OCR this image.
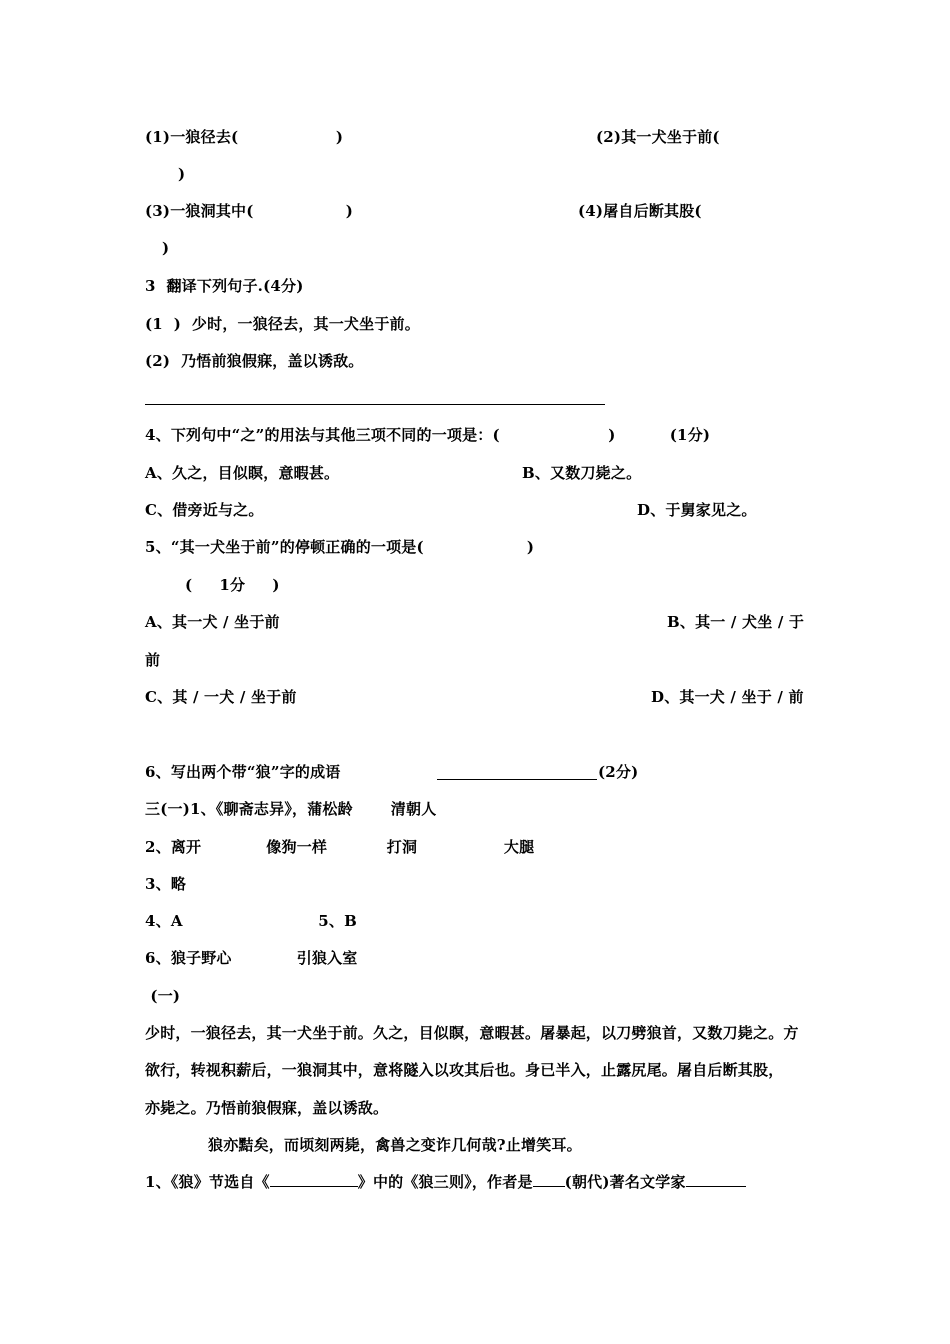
(1)一狼径去(                  )	(2)其一犬坐于前(
)
(3)一狼洞其中(                 )	(4)屠自后断其股(
)
3  翻译下列句子.(4分)
(1  )  少时，一狼径去，其一犬坐于前。
(2)  乃悟前狼假寐，盖以诱敌。
4、下列句中“之”的用法与其他三项不同的一项是：(                    )          (1分)
A、久之，目似瞑，意暇甚。	B、又数刀毙之。
C、借旁近与之。	D、于舅家见之。
5、“其一犬坐于前”的停顿正确的一项是(                   )
(     1分     )
A、其一犬 / 坐于前	B、其一 / 犬坐 / 于
前
C、其 / 一犬 / 坐于前	D、其一犬 / 坐于 / 前
6、写出两个带“狼”字的成语	(2分)
三(一)1、《聊斋志异》，蒲松龄       清朝人
2、离开            像狗一样           打洞                大腿
3、略
4、A                         5、B
6、狼子野心            引狼入室
(一)
少时，一狼径去，其一犬坐于前。久之，目似瞑，意暇甚。屠暴起，以刀劈狼首，又数刀毙之。方
欲行，转视积薪后，一狼洞其中，意将隧入以攻其后也。身已半入，止露尻尾。屠自后断其股，
亦毙之。乃悟前狼假寐，盖以诱敌。
狼亦黠矣，而顷刻两毙，禽兽之变诈几何哉?止增笑耳。
1、《狼》节选自《	》中的《狼三则》，作者是 (朝代)著名文学家
